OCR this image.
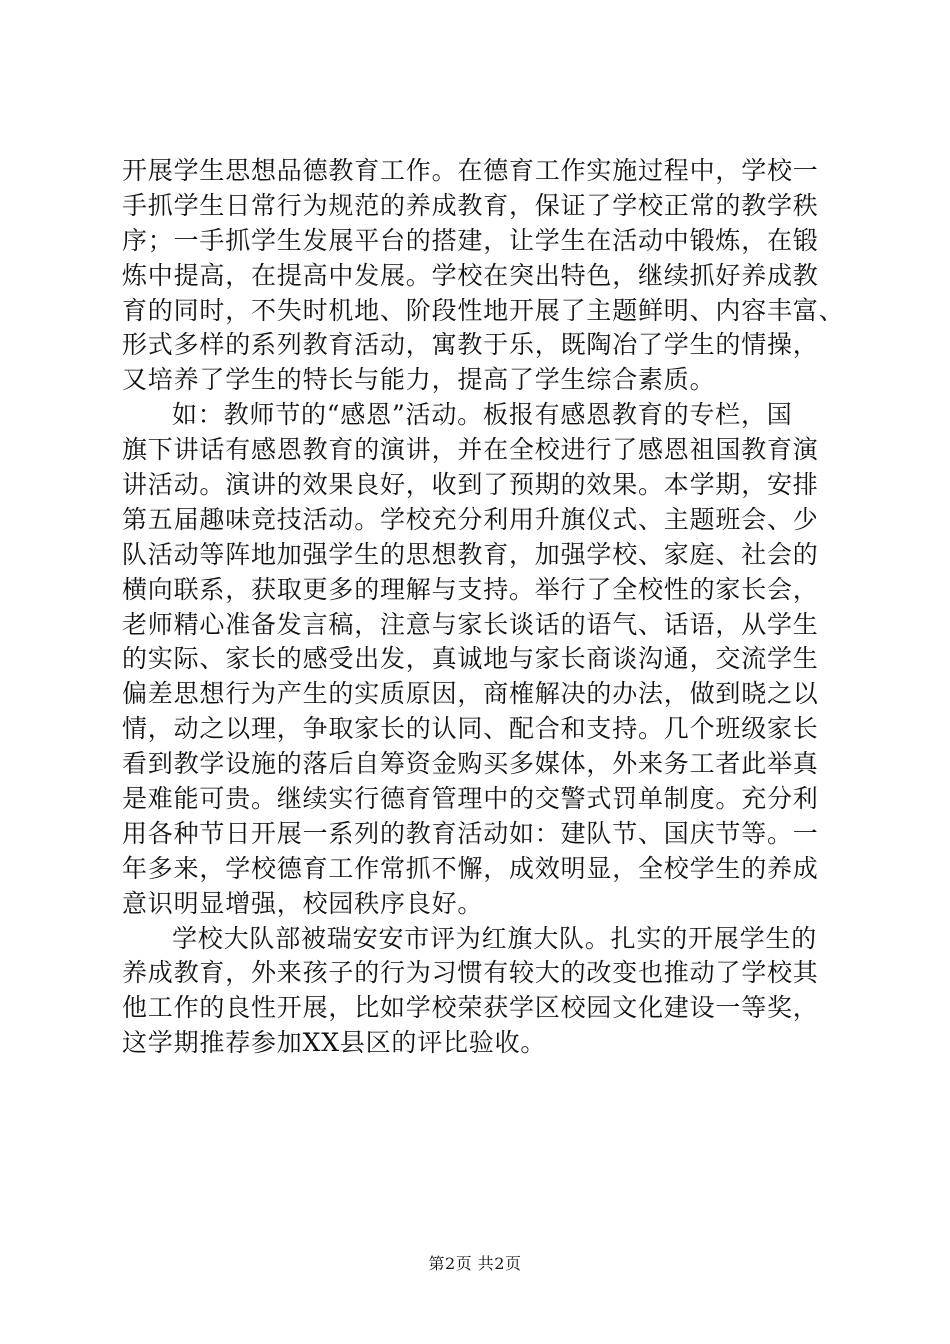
开展学生思想品德教育工作。在德育工作实施过程中，学校一
手抓学生日常行为规范的养成教育，保证了学校正常的教学秩
序；一手抓学生发展平台的搭建，让学生在活动中锻炼，在锻
炼中提高，在提高中发展。学校在突出特色，继续抓好养成教
育的同时，不失时机地、阶段性地开展了主题鲜明、内容丰富、
形式多样的系列教育活动，寓教于乐，既陶冶了学生的情操，
又培养了学生的特长与能力，提高了学生综合素质。
如：教师节的“感恩”活动。板报有感恩教育的专栏，国
旗下讲话有感恩教育的演讲，并在全校进行了感恩祖国教育演
讲活动。演讲的效果良好，收到了预期的效果。本学期，安排
第五届趣味竞技活动。学校充分利用升旗仪式、主题班会、少
队活动等阵地加强学生的思想教育，加强学校、家庭、社会的
横向联系，获取更多的理解与支持。举行了全校性的家长会，
老师精心准备发言稿，注意与家长谈话的语气、话语，从学生
的实际、家长的感受出发，真诚地与家长商谈沟通，交流学生
偏差思想行为产生的实质原因，商榷解决的办法，做到晓之以
情，动之以理，争取家长的认同、配合和支持。几个班级家长
看到教学设施的落后自筹资金购买多媒体，外来务工者此举真
是难能可贵。继续实行德育管理中的交警式罚单制度。充分利
用各种节日开展一系列的教育活动如：建队节、国庆节等。一
年多来，学校德育工作常抓不懈，成效明显，全校学生的养成
意识明显增强，校园秩序良好。
学校大队部被瑞安安市评为红旗大队。扎实的开展学生的
养成教育，外来孩子的行为习惯有较大的改变也推动了学校其
他工作的良性开展，比如学校荣获学区校园文化建设一等奖，
这学期推荐参加XX县区的评比验收。
第2页 共2页
